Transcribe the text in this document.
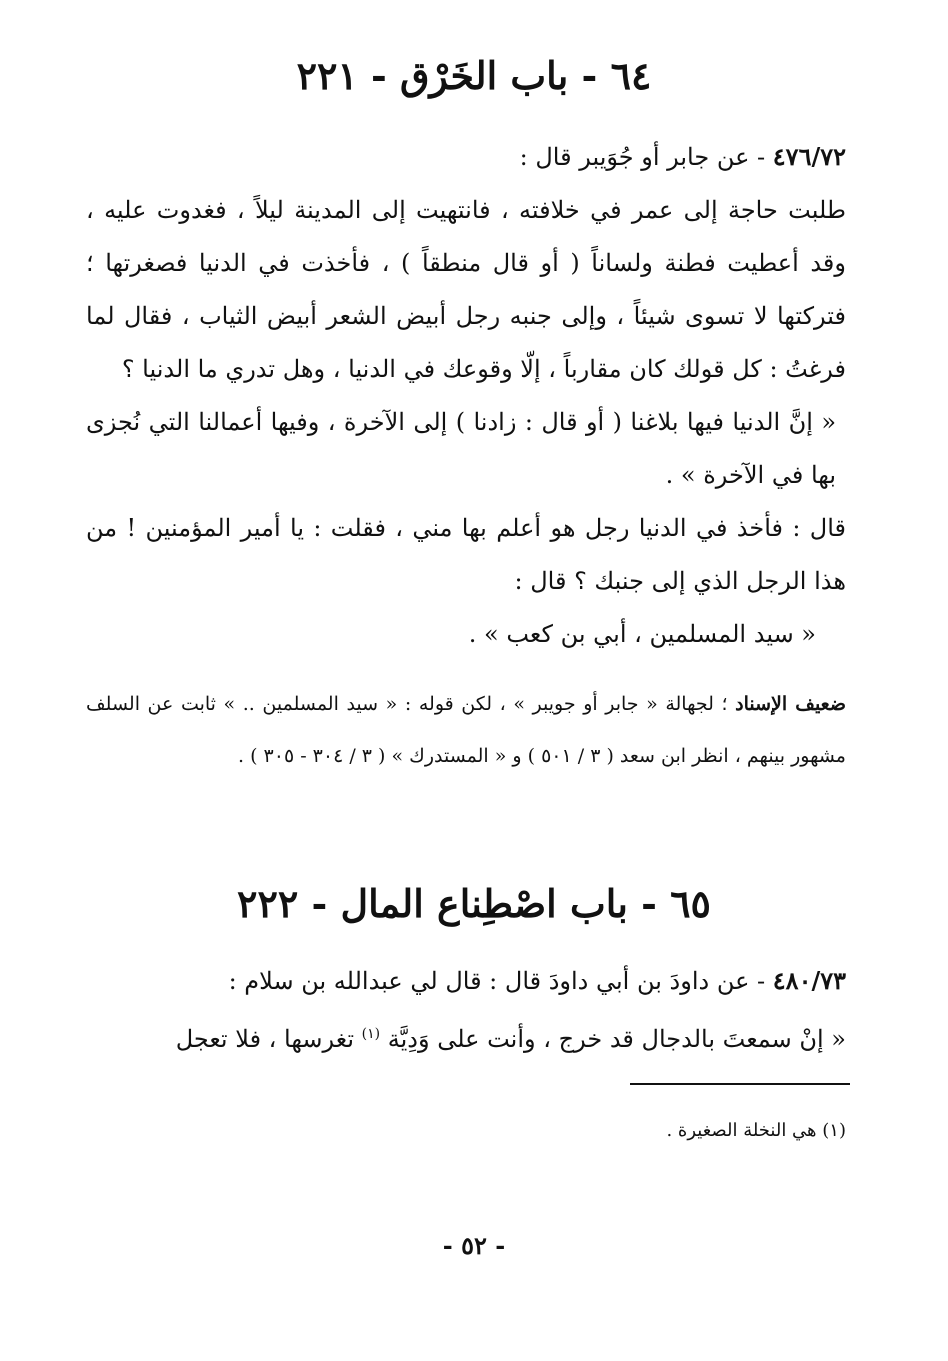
٦٤ - باب الخَرْق - ٢٢١
٤٧٦/٧٢ - عن جابر أو جُوَيبر قال :
طلبت حاجة إلى عمر في خلافته ، فانتهيت إلى المدينة ليلاً ، فغدوت عليه ، وقد أعطيت فطنة ولساناً ( أو قال منطقاً ) ، فأخذت في الدنيا فصغرتها ؛ فتركتها لا تسوى شيئاً ، وإلى جنبه رجل أبيض الشعر أبيض الثياب ، فقال لما فرغتُ : كل قولك كان مقارباً ، إلّا وقوعك في الدنيا ، وهل تدري ما الدنيا ؟
« إنَّ الدنيا فيها بلاغنا ( أو قال : زادنا ) إلى الآخرة ، وفيها أعمالنا التي نُجزى بها في الآخرة » .
قال : فأخذ في الدنيا رجل هو أعلم بها مني ، فقلت : يا أمير المؤمنين ! من هذا الرجل الذي إلى جنبك ؟ قال :
« سيد المسلمين ، أبي بن كعب » .
ضعيف الإسناد ؛ لجهالة « جابر أو جويبر » ، لكن قوله : « سيد المسلمين .. » ثابت عن السلف مشهور بينهم ، انظر ابن سعد ( ٣ / ٥٠١ ) و « المستدرك » ( ٣ / ٣٠٤ - ٣٠٥ ) .
٦٥ - باب اصْطِناع المال - ٢٢٢
٤٨٠/٧٣ - عن داودَ بن أبي داودَ قال : قال لي عبدالله بن سلام :
« إنْ سمعتَ بالدجال قد خرج ، وأنت على وَدِيَّة $^{(١)}$ تغرسها ، فلا تعجل
(١) هي النخلة الصغيرة .
- ٥٢ -
